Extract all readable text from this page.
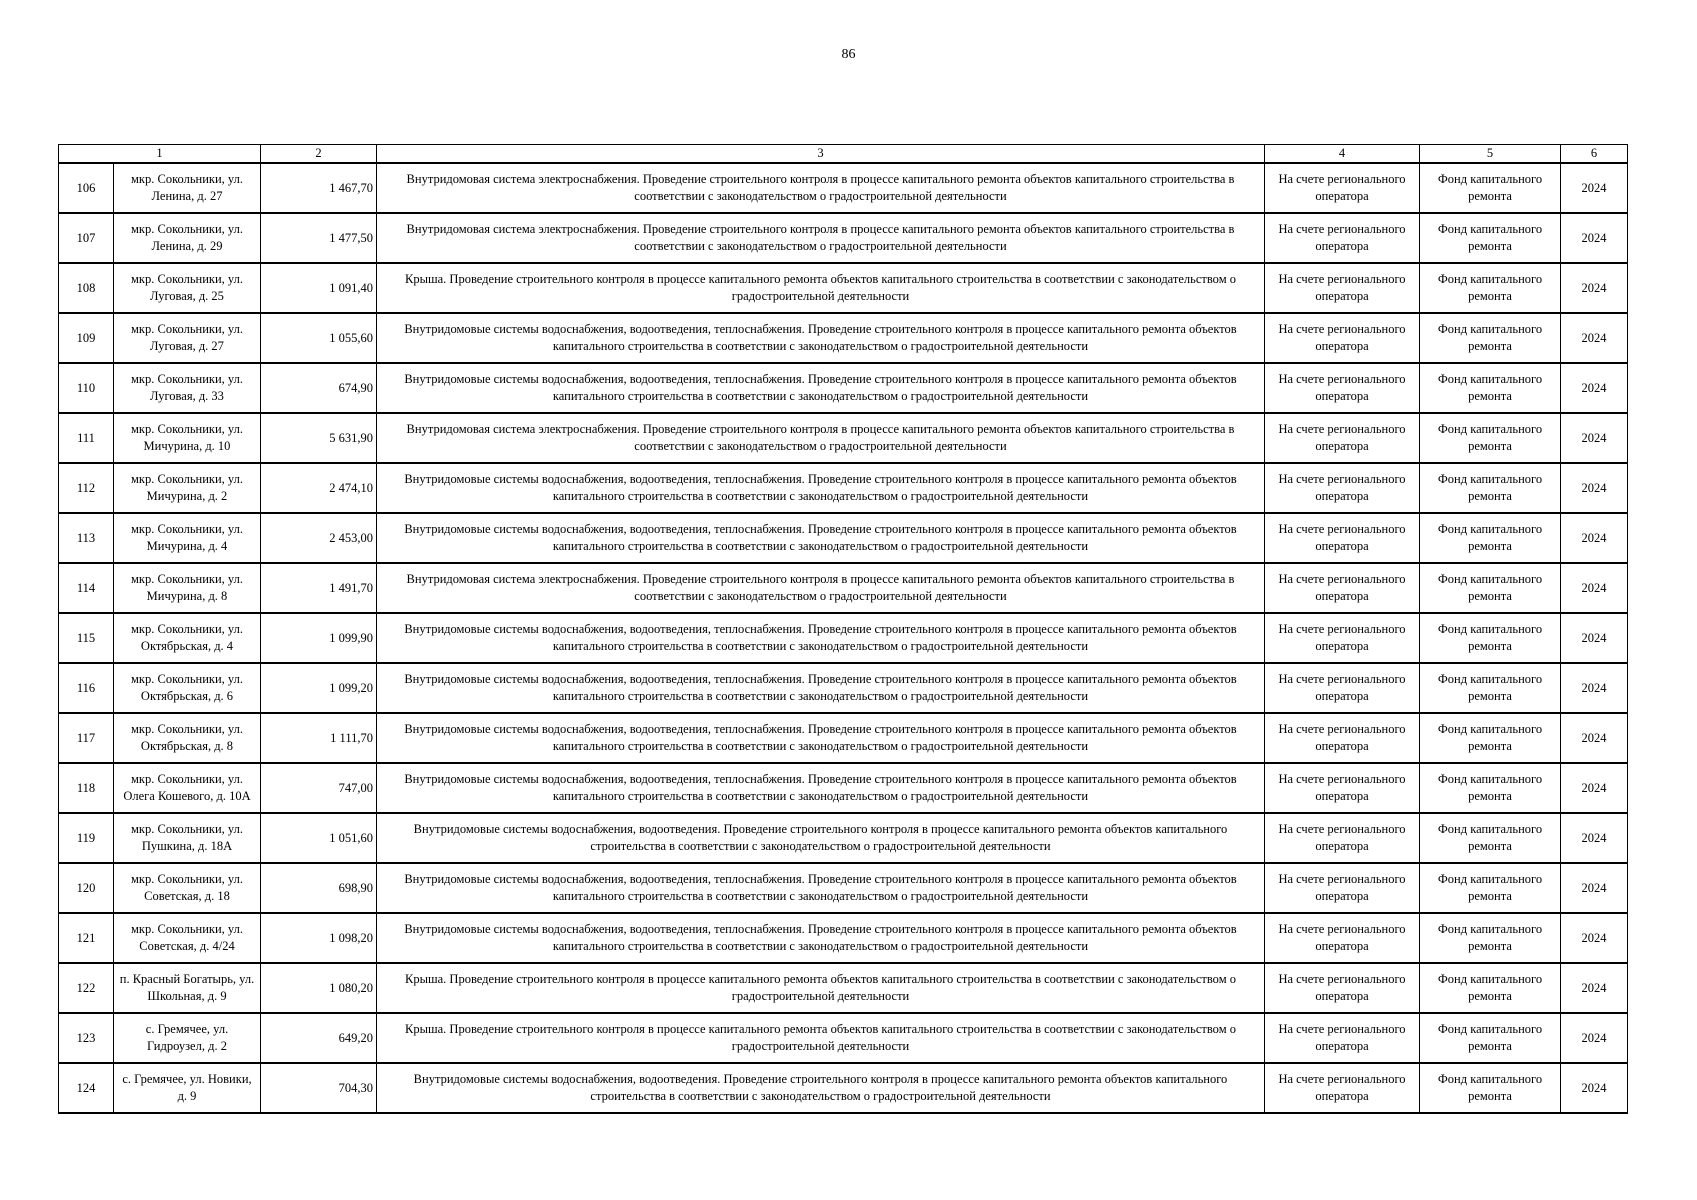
86
1		2	3	4	5	6
106	мкр. Сокольники, ул. Ленина, д. 27	1 467,70	Внутридомовая система электроснабжения. Проведение строительного контроля в процессе капитального ремонта объектов капитального строительства в соответствии с законодательством о градостроительной деятельности	На счете регионального оператора	Фонд капитального ремонта	2024
107	мкр. Сокольники, ул. Ленина, д. 29	1 477,50	Внутридомовая система электроснабжения. Проведение строительного контроля в процессе капитального ремонта объектов капитального строительства в соответствии с законодательством о градостроительной деятельности	На счете регионального оператора	Фонд капитального ремонта	2024
108	мкр. Сокольники, ул. Луговая, д. 25	1 091,40	Крыша. Проведение строительного контроля в процессе капитального ремонта объектов капитального строительства в соответствии с законодательством о градостроительной деятельности	На счете регионального оператора	Фонд капитального ремонта	2024
109	мкр. Сокольники, ул. Луговая, д. 27	1 055,60	Внутридомовые системы водоснабжения, водоотведения, теплоснабжения. Проведение строительного контроля в процессе капитального ремонта объектов капитального строительства в соответствии с законодательством о градостроительной деятельности	На счете регионального оператора	Фонд капитального ремонта	2024
110	мкр. Сокольники, ул. Луговая, д. 33	674,90	Внутридомовые системы водоснабжения, водоотведения, теплоснабжения. Проведение строительного контроля в процессе капитального ремонта объектов капитального строительства в соответствии с законодательством о градостроительной деятельности	На счете регионального оператора	Фонд капитального ремонта	2024
111	мкр. Сокольники, ул. Мичурина, д. 10	5 631,90	Внутридомовая система электроснабжения. Проведение строительного контроля в процессе капитального ремонта объектов капитального строительства в соответствии с законодательством о градостроительной деятельности	На счете регионального оператора	Фонд капитального ремонта	2024
112	мкр. Сокольники, ул. Мичурина, д. 2	2 474,10	Внутридомовые системы водоснабжения, водоотведения, теплоснабжения. Проведение строительного контроля в процессе капитального ремонта объектов капитального строительства в соответствии с законодательством о градостроительной деятельности	На счете регионального оператора	Фонд капитального ремонта	2024
113	мкр. Сокольники, ул. Мичурина, д. 4	2 453,00	Внутридомовые системы водоснабжения, водоотведения, теплоснабжения. Проведение строительного контроля в процессе капитального ремонта объектов капитального строительства в соответствии с законодательством о градостроительной деятельности	На счете регионального оператора	Фонд капитального ремонта	2024
114	мкр. Сокольники, ул. Мичурина, д. 8	1 491,70	Внутридомовая система электроснабжения. Проведение строительного контроля в процессе капитального ремонта объектов капитального строительства в соответствии с законодательством о градостроительной деятельности	На счете регионального оператора	Фонд капитального ремонта	2024
115	мкр. Сокольники, ул. Октябрьская, д. 4	1 099,90	Внутридомовые системы водоснабжения, водоотведения, теплоснабжения. Проведение строительного контроля в процессе капитального ремонта объектов капитального строительства в соответствии с законодательством о градостроительной деятельности	На счете регионального оператора	Фонд капитального ремонта	2024
116	мкр. Сокольники, ул. Октябрьская, д. 6	1 099,20	Внутридомовые системы водоснабжения, водоотведения, теплоснабжения. Проведение строительного контроля в процессе капитального ремонта объектов капитального строительства в соответствии с законодательством о градостроительной деятельности	На счете регионального оператора	Фонд капитального ремонта	2024
117	мкр. Сокольники, ул. Октябрьская, д. 8	1 111,70	Внутридомовые системы водоснабжения, водоотведения, теплоснабжения. Проведение строительного контроля в процессе капитального ремонта объектов капитального строительства в соответствии с законодательством о градостроительной деятельности	На счете регионального оператора	Фонд капитального ремонта	2024
118	мкр. Сокольники, ул. Олега Кошевого, д. 10А	747,00	Внутридомовые системы водоснабжения, водоотведения, теплоснабжения. Проведение строительного контроля в процессе капитального ремонта объектов капитального строительства в соответствии с законодательством о градостроительной деятельности	На счете регионального оператора	Фонд капитального ремонта	2024
119	мкр. Сокольники, ул. Пушкина, д. 18А	1 051,60	Внутридомовые системы водоснабжения, водоотведения. Проведение строительного контроля в процессе капитального ремонта объектов капитального строительства в соответствии с законодательством о градостроительной деятельности	На счете регионального оператора	Фонд капитального ремонта	2024
120	мкр. Сокольники, ул. Советская, д. 18	698,90	Внутридомовые системы водоснабжения, водоотведения, теплоснабжения. Проведение строительного контроля в процессе капитального ремонта объектов капитального строительства в соответствии с законодательством о градостроительной деятельности	На счете регионального оператора	Фонд капитального ремонта	2024
121	мкр. Сокольники, ул. Советская, д. 4/24	1 098,20	Внутридомовые системы водоснабжения, водоотведения, теплоснабжения. Проведение строительного контроля в процессе капитального ремонта объектов капитального строительства в соответствии с законодательством о градостроительной деятельности	На счете регионального оператора	Фонд капитального ремонта	2024
122	п. Красный Богатырь, ул. Школьная, д. 9	1 080,20	Крыша. Проведение строительного контроля в процессе капитального ремонта объектов капитального строительства в соответствии с законодательством о градостроительной деятельности	На счете регионального оператора	Фонд капитального ремонта	2024
123	с. Гремячее, ул. Гидроузел, д. 2	649,20	Крыша. Проведение строительного контроля в процессе капитального ремонта объектов капитального строительства в соответствии с законодательством о градостроительной деятельности	На счете регионального оператора	Фонд капитального ремонта	2024
124	с. Гремячее, ул. Новики, д. 9	704,30	Внутридомовые системы водоснабжения, водоотведения. Проведение строительного контроля в процессе капитального ремонта объектов капитального строительства в соответствии с законодательством о градостроительной деятельности	На счете регионального оператора	Фонд капитального ремонта	2024
